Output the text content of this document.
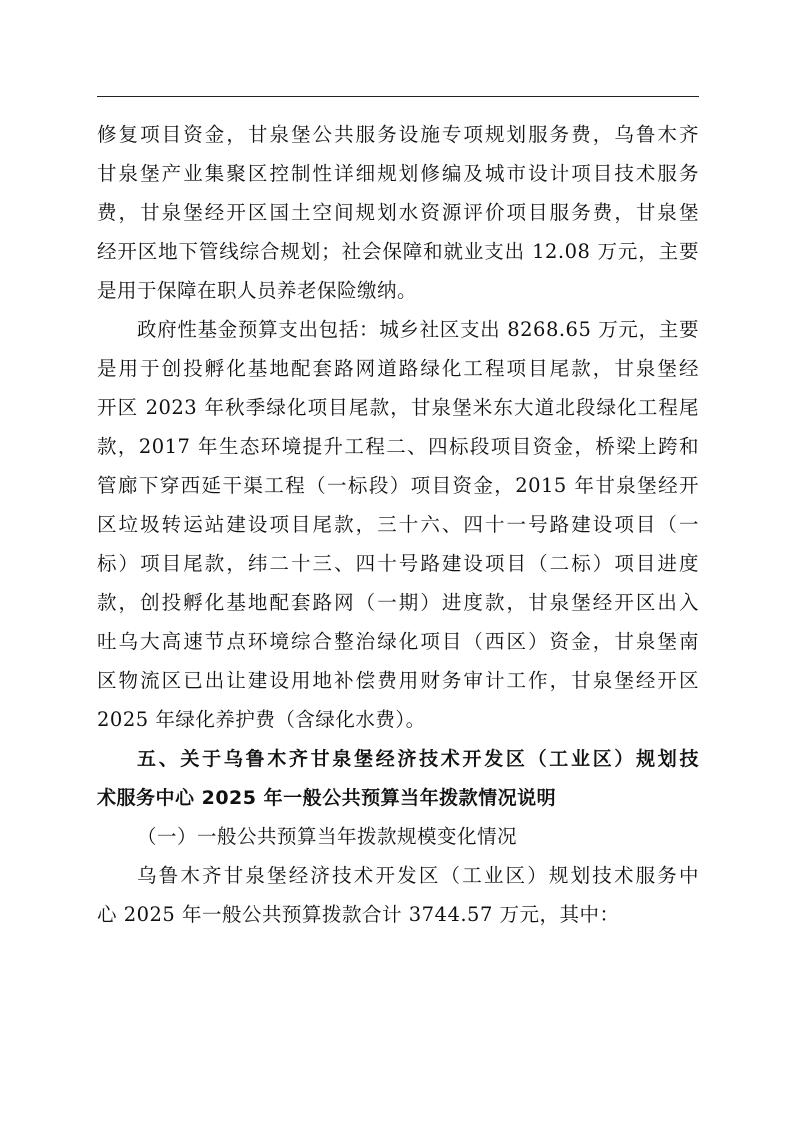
修复项目资金，甘泉堡公共服务设施专项规划服务费，乌鲁木齐
甘泉堡产业集聚区控制性详细规划修编及城市设计项目技术服务
费，甘泉堡经开区国土空间规划水资源评价项目服务费，甘泉堡
经开区地下管线综合规划；社会保障和就业支出 12.08 万元，主要
是用于保障在职人员养老保险缴纳。
政府性基金预算支出包括：城乡社区支出 8268.65 万元，主要
是用于创投孵化基地配套路网道路绿化工程项目尾款，甘泉堡经
开区 2023 年秋季绿化项目尾款，甘泉堡米东大道北段绿化工程尾
款，2017 年生态环境提升工程二、四标段项目资金，桥梁上跨和
管廊下穿西延干渠工程（一标段）项目资金，2015 年甘泉堡经开
区垃圾转运站建设项目尾款，三十六、四十一号路建设项目（一
标）项目尾款，纬二十三、四十号路建设项目（二标）项目进度
款，创投孵化基地配套路网（一期）进度款，甘泉堡经开区出入
吐乌大高速节点环境综合整治绿化项目（西区）资金，甘泉堡南
区物流区已出让建设用地补偿费用财务审计工作，甘泉堡经开区
2025 年绿化养护费（含绿化水费）。
五、关于乌鲁木齐甘泉堡经济技术开发区（工业区）规划技
术服务中心 2025 年一般公共预算当年拨款情况说明
（一）一般公共预算当年拨款规模变化情况
乌鲁木齐甘泉堡经济技术开发区（工业区）规划技术服务中
心 2025 年一般公共预算拨款合计 3744.57 万元，其中：
